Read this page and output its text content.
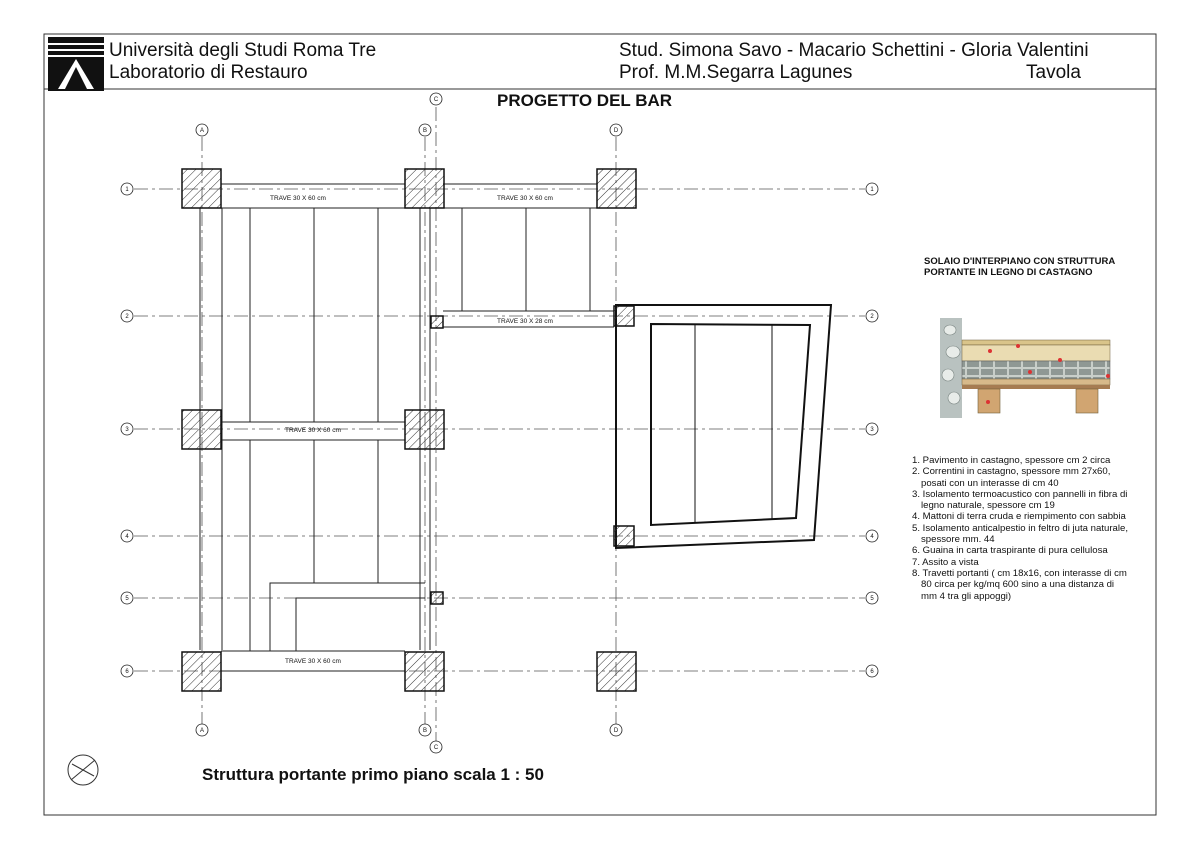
Università degli Studi Roma Tre
Laboratorio di Restauro
Stud. Simona Savo - Macario Schettini - Gloria Valentini
Prof. M.M.Segarra Lagunes	Tavola
PROGETTO DEL BAR
TRAVE 30 X 60 cm	TRAVE 30 X 60 cm
TRAVE 30 X 28 cm
TRAVE 30 X 60 cm
TRAVE 30 X 60 cm
A	B	D
C
A	B	D
C
1
2
3
4
5
6
1
2
3
4
5
6
SOLAIO D'INTERPIANO CON STRUTTURA
PORTANTE IN LEGNO DI CASTAGNO
1. Pavimento in castagno, spessore cm 2 circa
2. Correntini in castagno, spessore mm 27x60,
posati con un interasse di cm 40
3. Isolamento termoacustico con pannelli in fibra di
legno naturale, spessore cm 19
4. Mattoni di terra cruda e riempimento con sabbia
5. Isolamento anticalpestio in feltro di juta naturale,
spessore mm. 44
6. Guaina in carta traspirante di pura cellulosa
7. Assito a vista
8. Travetti portanti ( cm 18x16, con interasse di cm
80 circa per kg/mq 600 sino a una distanza di
mm 4 tra gli appoggi)
Struttura portante primo piano scala 1 : 50
